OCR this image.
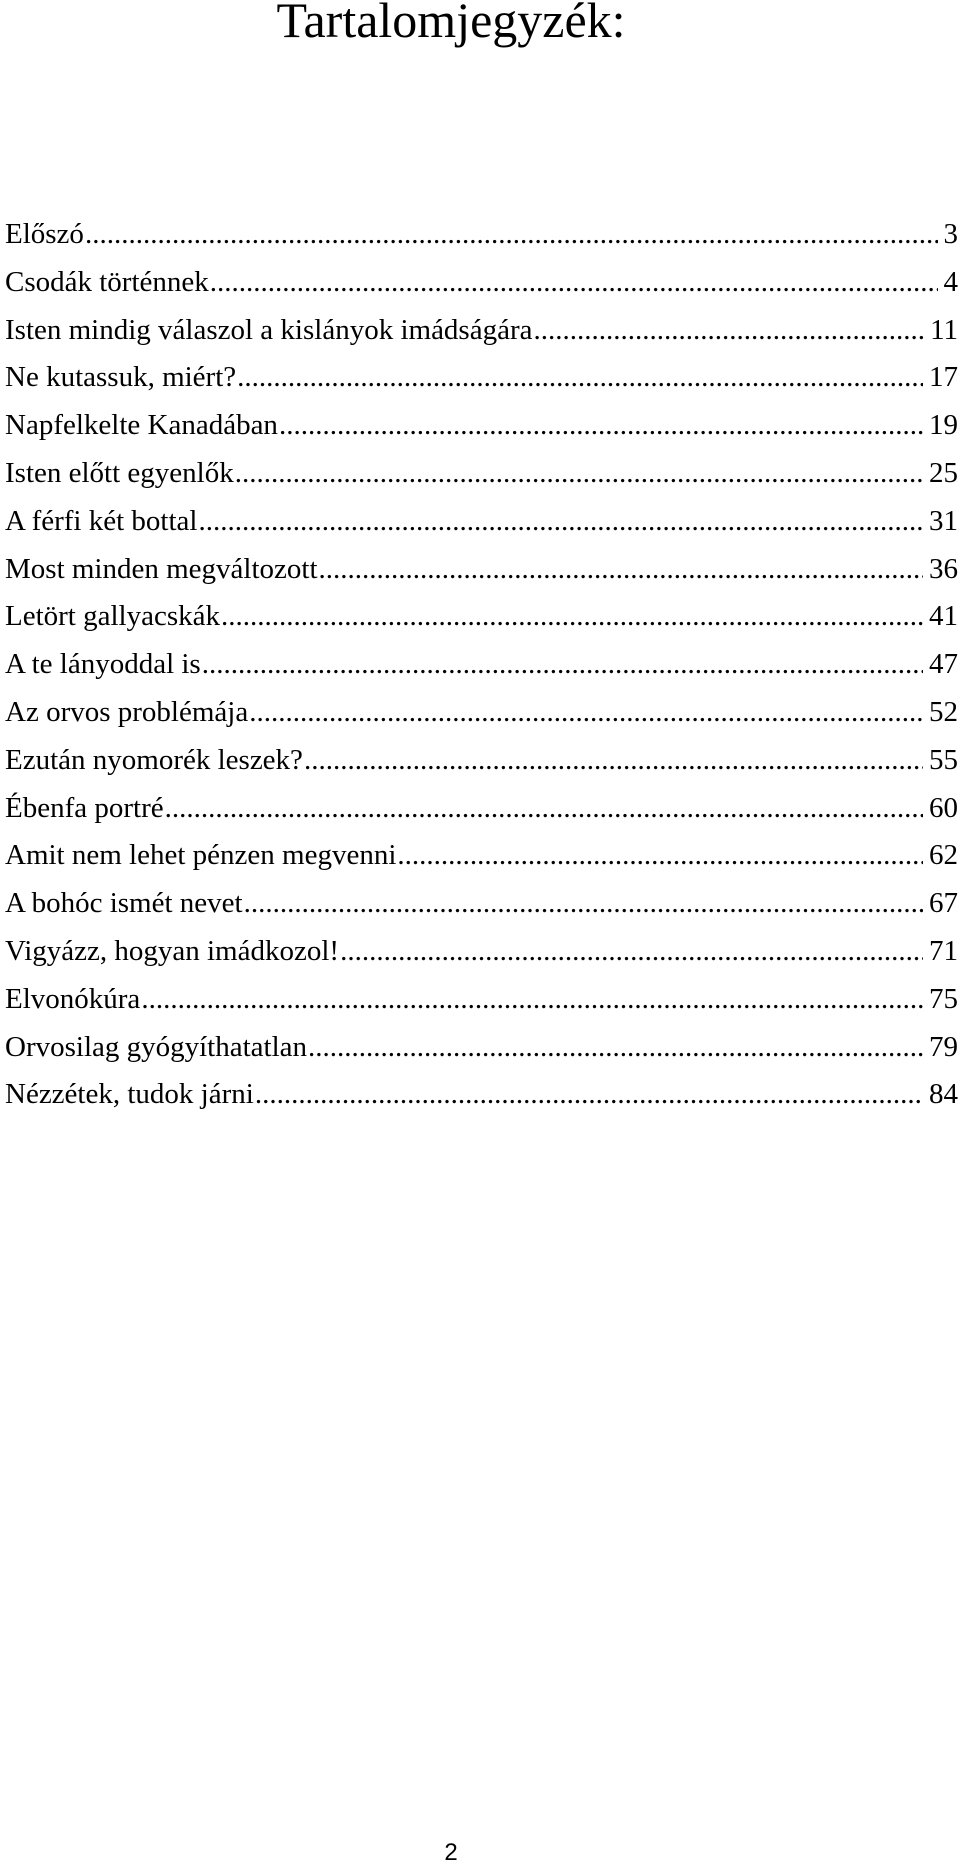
Tartalomjegyzék:
Előszó .....	3
Csodák történnek .....	4
Isten mindig válaszol a kislányok imádságára .....	11
Ne kutassuk, miért? .....	17
Napfelkelte Kanadában .....	19
Isten előtt egyenlők .....	25
A férfi két bottal .....	31
Most minden megváltozott .....	36
Letört gallyacskák .....	41
A te lányoddal is .....	47
Az orvos problémája .....	52
Ezután nyomorék leszek? .....	55
Ébenfa portré .....	60
Amit nem lehet pénzen megvenni .....	62
A bohóc ismét nevet .....	67
Vigyázz, hogyan imádkozol! .....	71
Elvonókúra .....	75
Orvosilag gyógyíthatatlan .....	79
Nézzétek, tudok járni .....	84
2
